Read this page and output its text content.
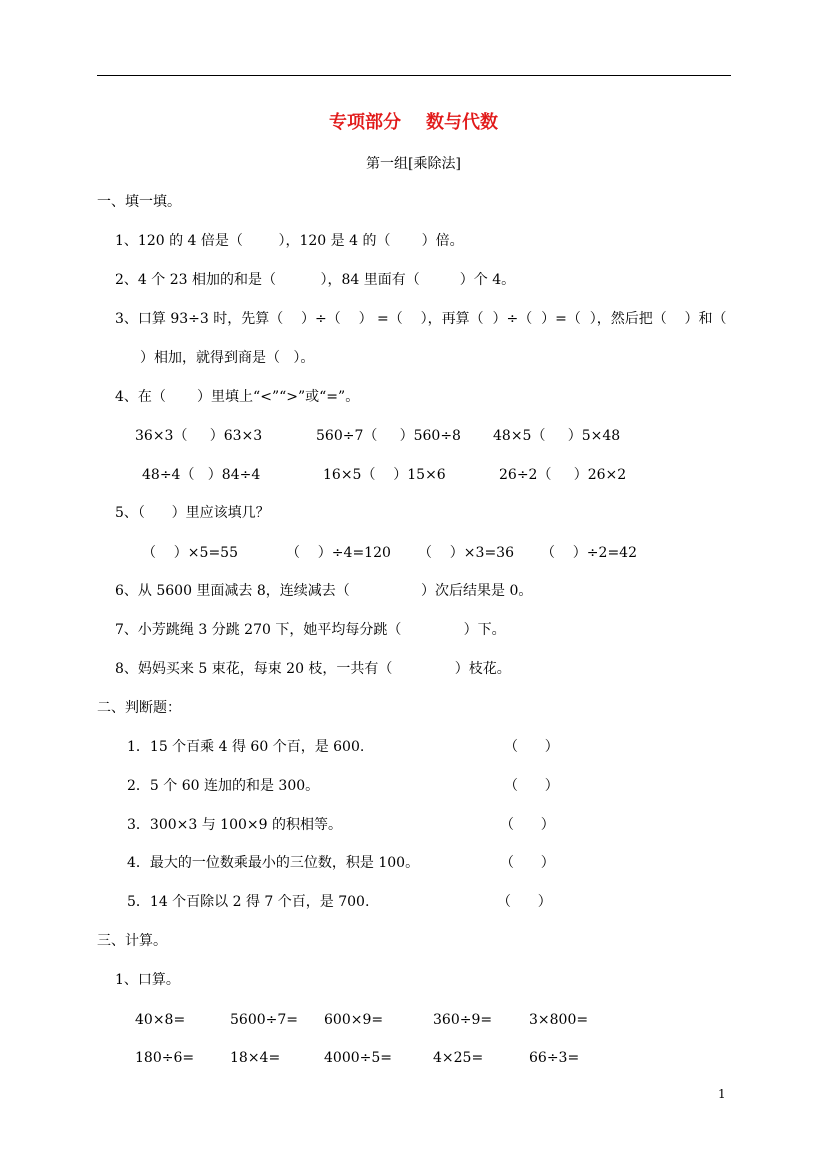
专项部分    数与代数
第一组[乘除法]
一、填一填。
1、120 的 4 倍是（        ），120 是 4 的（       ）倍。
2、4 个 23 相加的和是（          ），84 里面有（         ）个 4。
3、口算 93÷3 时，先算（    ）÷（    ） =（    ），再算（  ）÷（  ）=（  ），然后把（    ）和（
）相加，就得到商是（   ）。
4、在（       ）里填上“<”“>”或“=”。
36×3（     ）63×3	560÷7（     ）560÷8 48×5（     ）5×48
48÷4（   ）84÷4	16×5（    ）15×6	26÷2（     ）26×2
5、（      ）里应该填几？
（    ）×5=55	（    ）÷4=120 （    ）×3=36 （    ）÷2=42
6、从 5600 里面减去 8，连续减去（                ）次后结果是 0。
7、小芳跳绳 3 分跳 270 下，她平均每分跳（              ）下。
8、妈妈买来 5 束花，每束 20 枝，一共有（              ）枝花。
二、判断题：
1．15 个百乘 4 得 60 个百，是 600.	（      ）
2．5 个 60 连加的和是 300。	（      ）
3．300×3 与 100×9 的积相等。	（      ）
4．最大的一位数乘最小的三位数，积是 100。	（      ）
5．14 个百除以 2 得 7 个百，是 700.	（      ）
三、计算。
1、口算。
40×8=	5600÷7= 600×9=	360÷9=	3×800=
180÷6=	18×4=	4000÷5=	4×25=	66÷3=
1
